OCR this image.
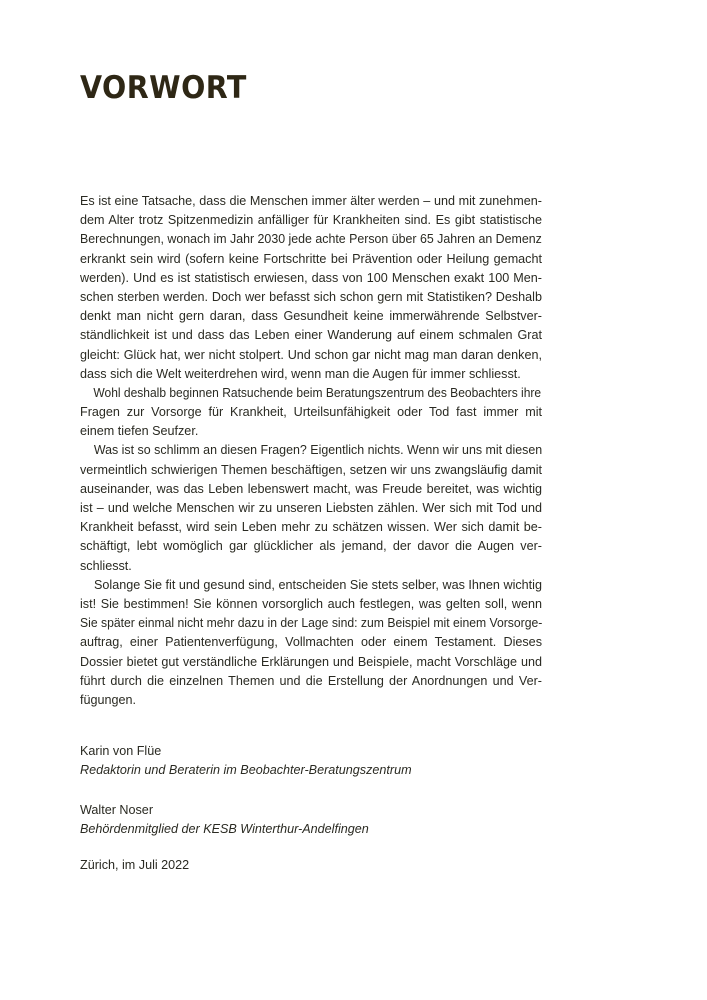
VORWORT
Es ist eine Tatsache, dass die Menschen immer älter werden – und mit zunehmen-
dem Alter trotz Spitzenmedizin anfälliger für Krankheiten sind. Es gibt statistische
Berechnungen, wonach im Jahr 2030 jede achte Person über 65 Jahren an Demenz
erkrankt sein wird (sofern keine Fortschritte bei Prävention oder Heilung gemacht
werden). Und es ist statistisch erwiesen, dass von 100 Menschen exakt 100 Men-
schen sterben werden. Doch wer befasst sich schon gern mit Statistiken? Deshalb
denkt man nicht gern daran, dass Gesundheit keine immerwährende Selbstver-
ständlichkeit ist und dass das Leben einer Wanderung auf einem schmalen Grat
gleicht: Glück hat, wer nicht stolpert. Und schon gar nicht mag man daran denken,
dass sich die Welt weiterdrehen wird, wenn man die Augen für immer schliesst.
Wohl deshalb beginnen Ratsuchende beim Beratungszentrum des Beobachters ihre
Fragen zur Vorsorge für Krankheit, Urteilsunfähigkeit oder Tod fast immer mit
einem tiefen Seufzer.
Was ist so schlimm an diesen Fragen? Eigentlich nichts. Wenn wir uns mit diesen
vermeintlich schwierigen Themen beschäftigen, setzen wir uns zwangsläufig damit
auseinander, was das Leben lebenswert macht, was Freude bereitet, was wichtig
ist – und welche Menschen wir zu unseren Liebsten zählen. Wer sich mit Tod und
Krankheit befasst, wird sein Leben mehr zu schätzen wissen. Wer sich damit be-
schäftigt, lebt womöglich gar glücklicher als jemand, der davor die Augen ver-
schliesst.
Solange Sie fit und gesund sind, entscheiden Sie stets selber, was Ihnen wichtig
ist! Sie bestimmen! Sie können vorsorglich auch festlegen, was gelten soll, wenn
Sie später einmal nicht mehr dazu in der Lage sind: zum Beispiel mit einem Vorsorge-
auftrag, einer Patientenverfügung, Vollmachten oder einem Testament. Dieses
Dossier bietet gut verständliche Erklärungen und Beispiele, macht Vorschläge und
führt durch die einzelnen Themen und die Erstellung der Anordnungen und Ver-
fügungen.
Karin von Flüe
Redaktorin und Beraterin im Beobachter-Beratungszentrum
Walter Noser
Behördenmitglied der KESB Winterthur-Andelfingen
Zürich, im Juli 2022
